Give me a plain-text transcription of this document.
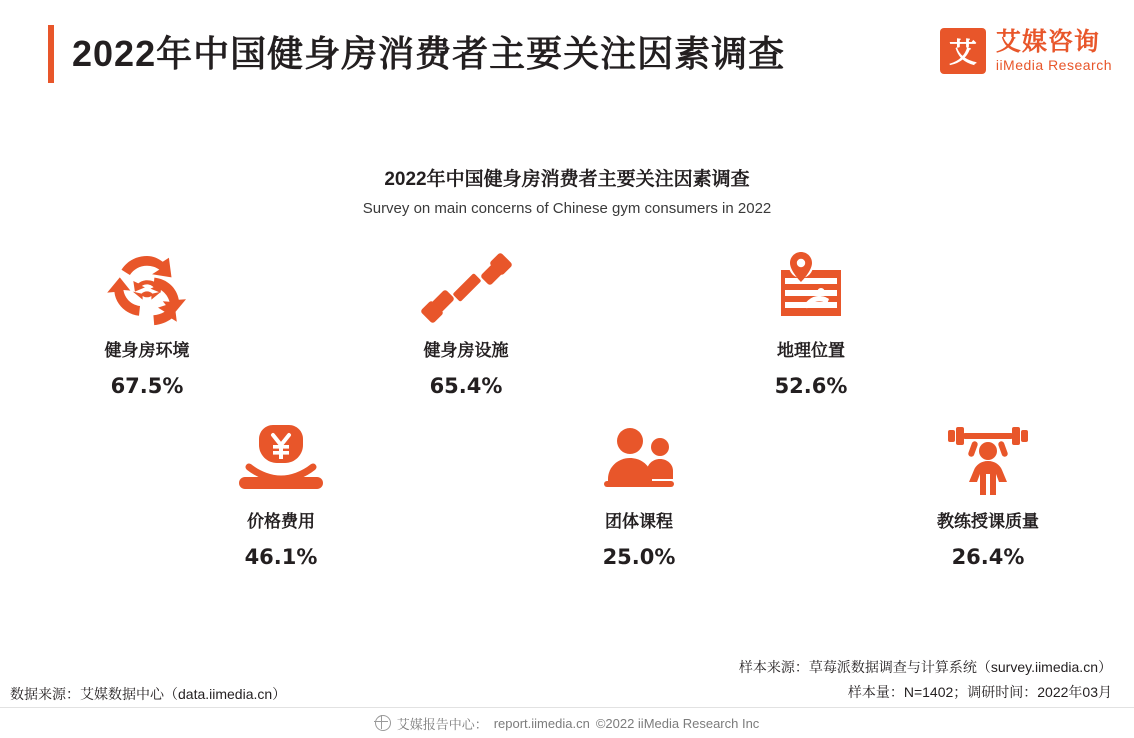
2022年中国健身房消费者主要关注因素调查	艾 艾媒咨询
iiMedia Research
2022年中国健身房消费者主要关注因素调查
Survey on main concerns of Chinese gym consumers in 2022
健身房环境
67.5%
健身房设施
65.4%
地理位置
52.6%
价格费用
46.1%
团体课程
25.0%
教练授课质量
26.4%
数据来源：艾媒数据中心（data.iimedia.cn）
样本来源：草莓派数据调查与计算系统（survey.iimedia.cn）
样本量：N=1402；调研时间：2022年03月
艾媒报告中心： report.iimedia.cn ©2022 iiMedia Research Inc
